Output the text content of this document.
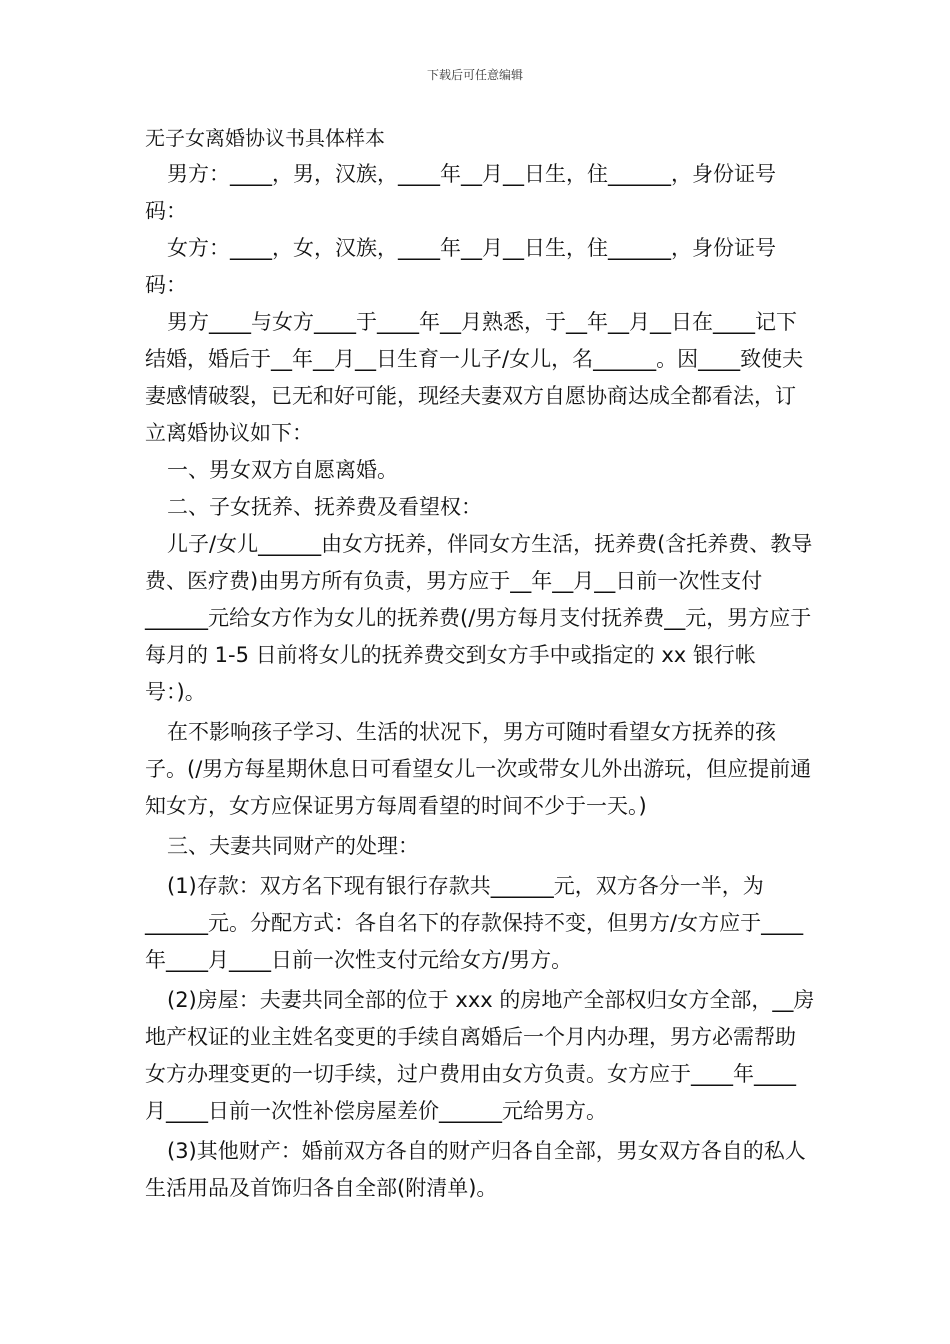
下载后可任意编辑
无子女离婚协议书具体样本

男方：____，男，汉族，____年__月__日生，住______，身份证号码：

女方：____，女，汉族，____年__月__日生，住______，身份证号码：

男方____与女方____于____年__月熟悉，于__年__月__日在____记下结婚，婚后于__年__月__日生育一儿子/女儿，名______。因____致使夫妻感情破裂，已无和好可能，现经夫妻双方自愿协商达成全都看法，订立离婚协议如下：

一、男女双方自愿离婚。

二、子女抚养、抚养费及看望权：

儿子/女儿______由女方抚养，伴同女方生活，抚养费(含托养费、教导费、医疗费)由男方所有负责，男方应于__年__月__日前一次性支付______元给女方作为女儿的抚养费(/男方每月支付抚养费__元，男方应于每月的 1-5 日前将女儿的抚养费交到女方手中或指定的 xx 银行帐号：)。

在不影响孩子学习、生活的状况下，男方可随时看望女方抚养的孩子。(/男方每星期休息日可看望女儿一次或带女儿外出游玩，但应提前通知女方，女方应保证男方每周看望的时间不少于一天。)

三、夫妻共同财产的处理：

(1)存款：双方名下现有银行存款共______元，双方各分一半，为______元。分配方式：各自名下的存款保持不变，但男方/女方应于____年____月____日前一次性支付元给女方/男方。

(2)房屋：夫妻共同全部的位于 xxx 的房地产全部权归女方全部，__房地产权证的业主姓名变更的手续自离婚后一个月内办理，男方必需帮助女方办理变更的一切手续，过户费用由女方负责。女方应于____年____月____日前一次性补偿房屋差价______元给男方。

(3)其他财产：婚前双方各自的财产归各自全部，男女双方各自的私人生活用品及首饰归各自全部(附清单)。
